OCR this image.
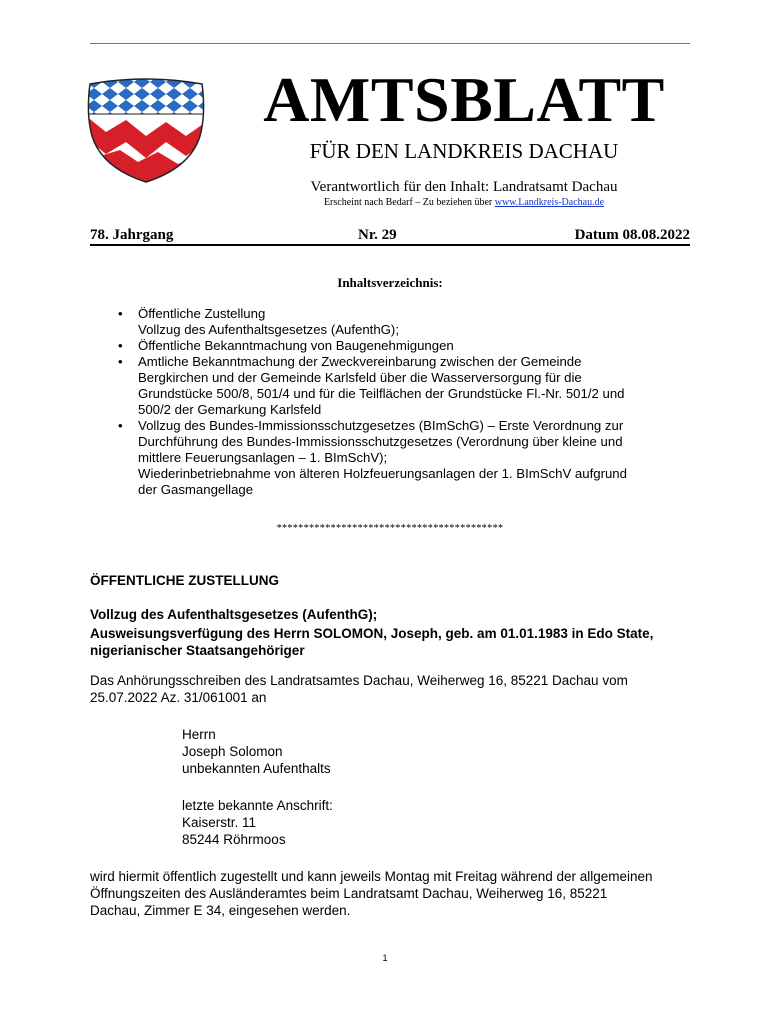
AMTSBLATT
FÜR DEN LANDKREIS DACHAU
Verantwortlich für den Inhalt: Landratsamt Dachau
Erscheint nach Bedarf – Zu beziehen über www.Landkreis-Dachau.de
78. Jahrgang	Nr. 29	Datum 08.08.2022
Inhaltsverzeichnis:
• Öffentliche Zustellung
Vollzug des Aufenthaltsgesetzes (AufenthG);
• Öffentliche Bekanntmachung von Baugenehmigungen
• Amtliche Bekanntmachung der Zweckvereinbarung zwischen der Gemeinde
Bergkirchen und der Gemeinde Karlsfeld über die Wasserversorgung für die
Grundstücke 500/8, 501/4 und für die Teilflächen der Grundstücke Fl.-Nr. 501/2 und
500/2 der Gemarkung Karlsfeld
• Vollzug des Bundes-Immissionsschutzgesetzes (BImSchG) – Erste Verordnung zur
Durchführung des Bundes-Immissionsschutzgesetzes (Verordnung über kleine und
mittlere Feuerungsanlagen – 1. BImSchV);
Wiederinbetriebnahme von älteren Holzfeuerungsanlagen der 1. BImSchV aufgrund
der Gasmangellage
******************************************
ÖFFENTLICHE ZUSTELLUNG
Vollzug des Aufenthaltsgesetzes (AufenthG);
Ausweisungsverfügung des Herrn SOLOMON, Joseph, geb. am 01.01.1983 in Edo State,
nigerianischer Staatsangehöriger
Das Anhörungsschreiben des Landratsamtes Dachau, Weiherweg 16, 85221 Dachau vom
25.07.2022 Az. 31/061001 an
Herrn
Joseph Solomon
unbekannten Aufenthalts
letzte bekannte Anschrift:
Kaiserstr. 11
85244 Röhrmoos
wird hiermit öffentlich zugestellt und kann jeweils Montag mit Freitag während der allgemeinen
Öffnungszeiten des Ausländeramtes beim Landratsamt Dachau, Weiherweg 16, 85221
Dachau, Zimmer E 34, eingesehen werden.
1
